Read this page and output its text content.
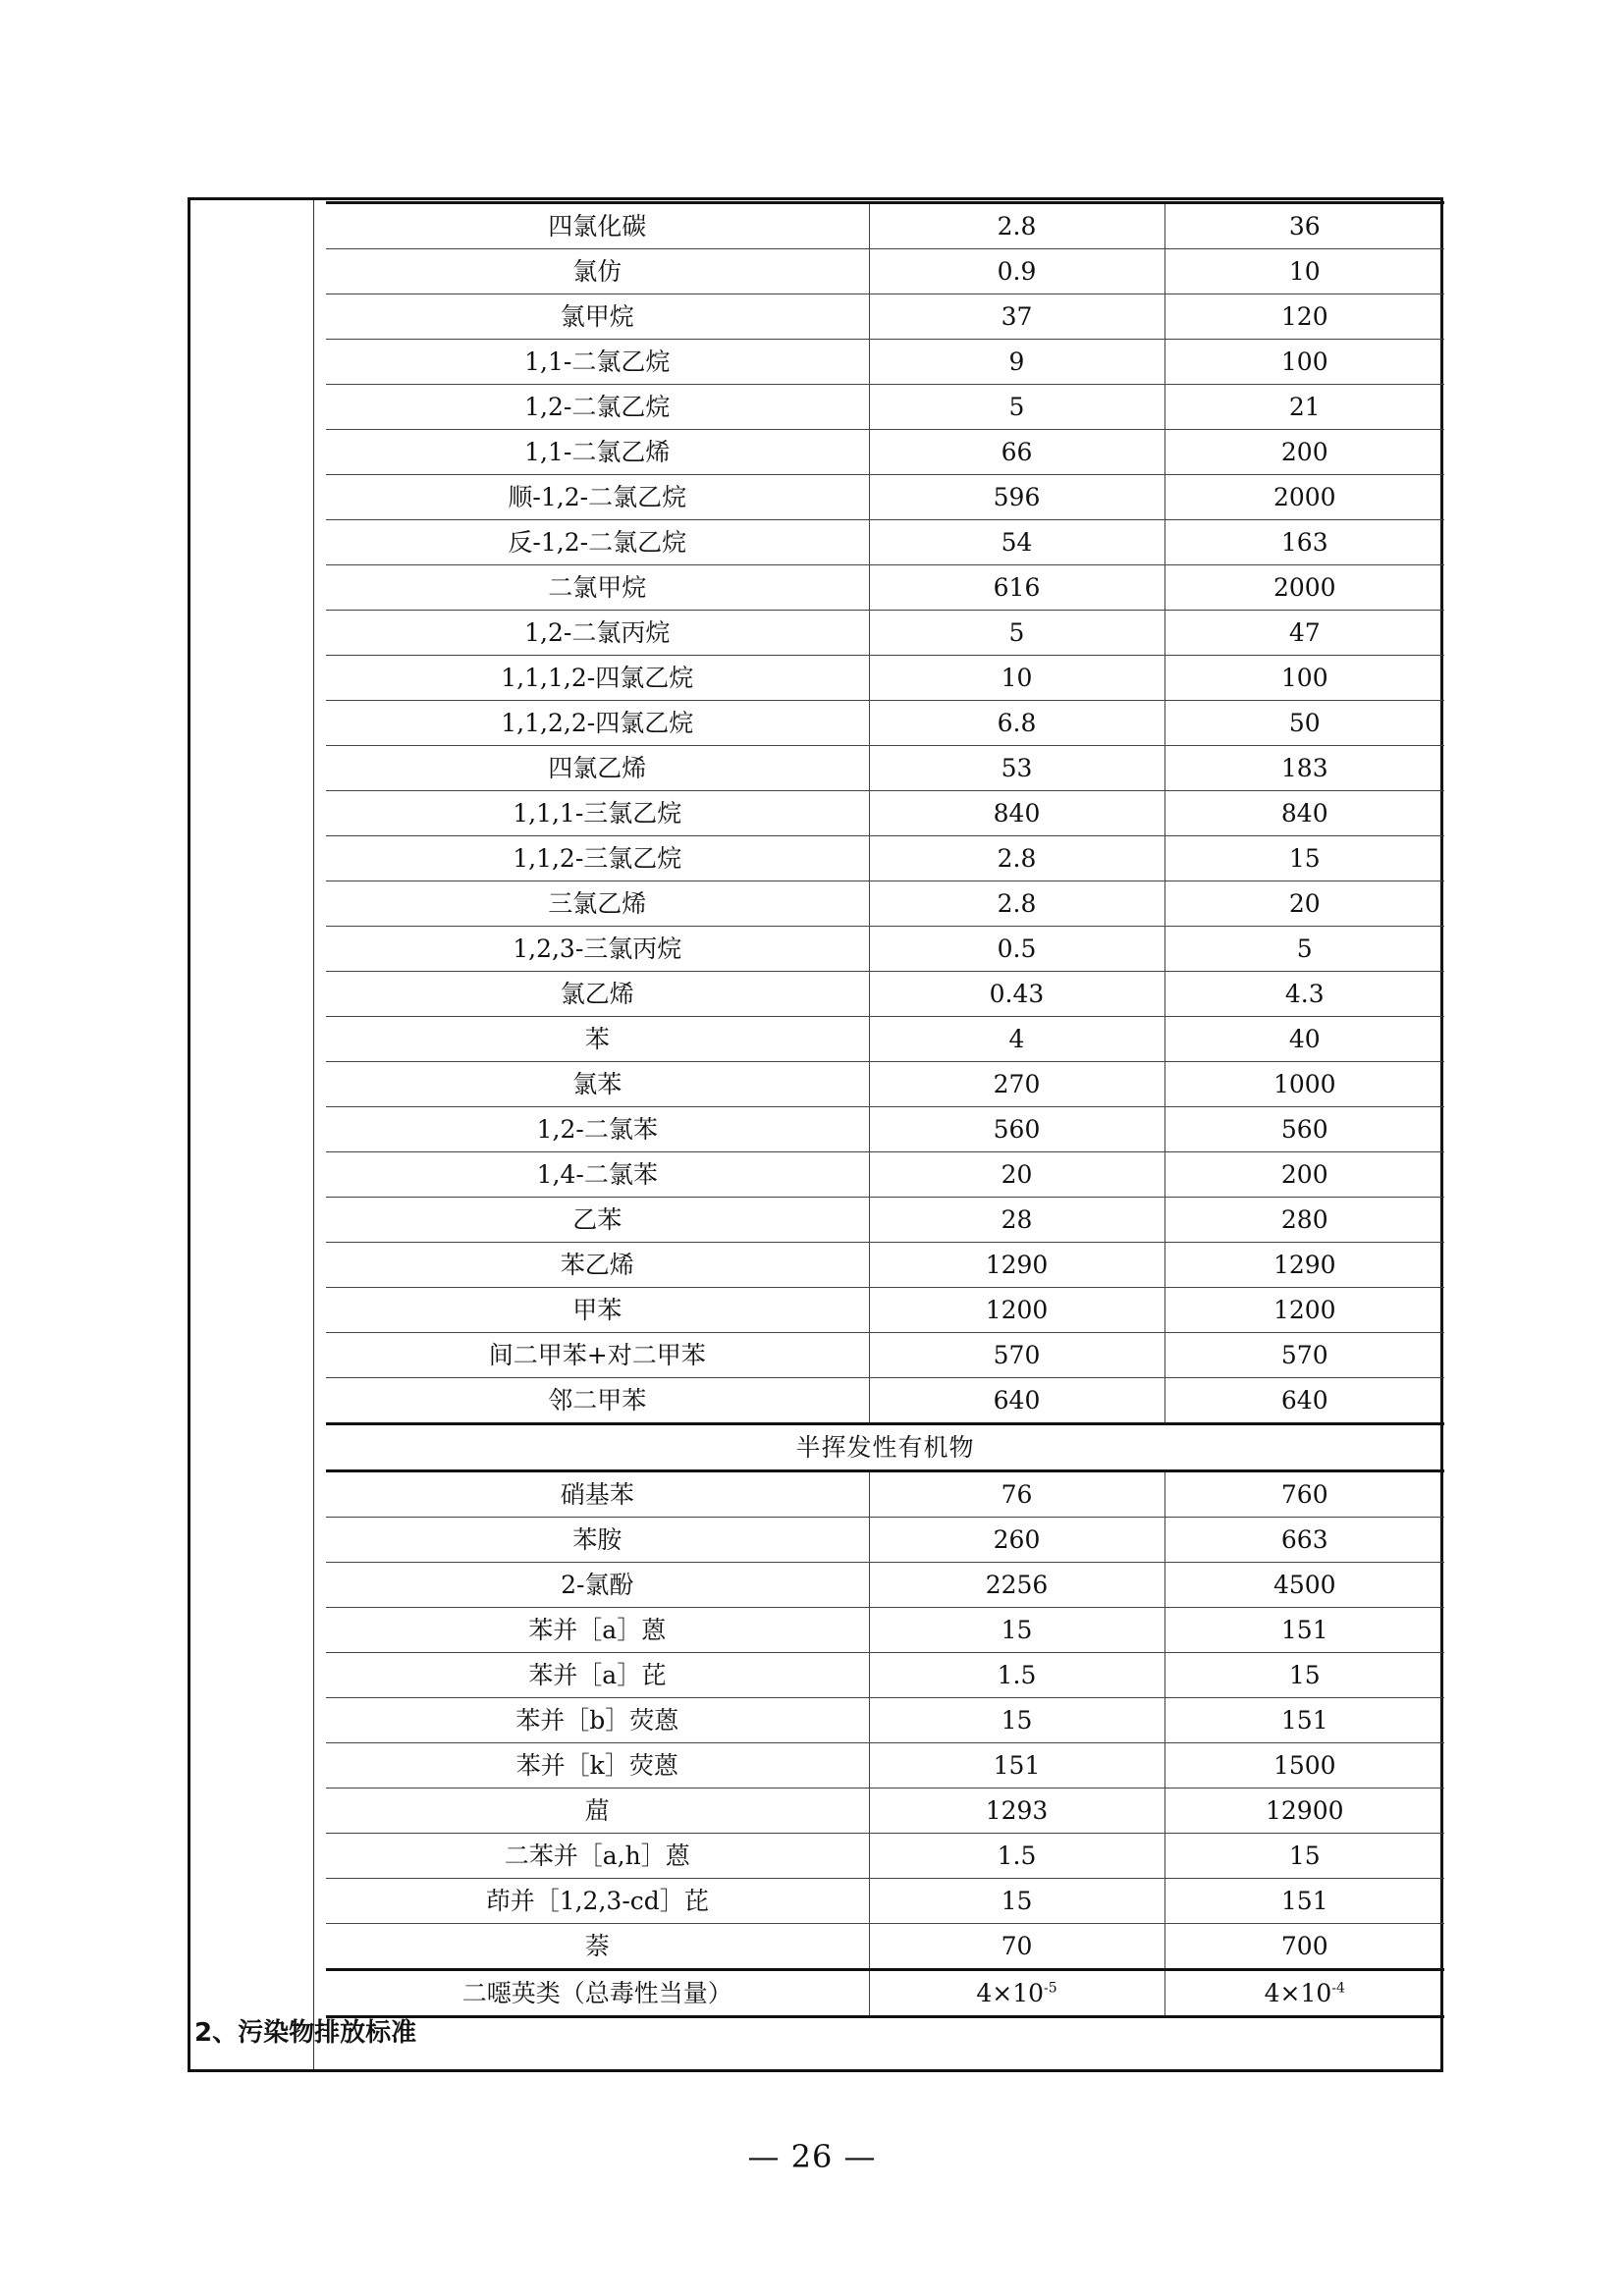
四氯化碳	2.8	36
氯仿	0.9	10
氯甲烷	37	120
1,1-二氯乙烷	9	100
1,2-二氯乙烷	5	21
1,1-二氯乙烯	66	200
顺-1,2-二氯乙烷	596	2000
反-1,2-二氯乙烷	54	163
二氯甲烷	616	2000
1,2-二氯丙烷	5	47
1,1,1,2-四氯乙烷	10	100
1,1,2,2-四氯乙烷	6.8	50
四氯乙烯	53	183
1,1,1-三氯乙烷	840	840
1,1,2-三氯乙烷	2.8	15
三氯乙烯	2.8	20
1,2,3-三氯丙烷	0.5	5
氯乙烯	0.43	4.3
苯	4	40
氯苯	270	1000
1,2-二氯苯	560	560
1,4-二氯苯	20	200
乙苯	28	280
苯乙烯	1290	1290
甲苯	1200	1200
间二甲苯+对二甲苯	570	570
邻二甲苯	640	640
半挥发性有机物		
硝基苯	76	760
苯胺	260	663
2-氯酚	2256	4500
苯并［a］蒽	15	151
苯并［a］芘	1.5	15
苯并［b］荧蒽	15	151
苯并［k］荧蒽	151	1500
䓛	1293	12900
二苯并［a,h］蒽	1.5	15
茚并［1,2,3-cd］芘	15	151
萘	70	700
二噁英类（总毒性当量）	$4\times 10^{-5}$	$4\times 10^{-4}$
2、污染物排放标准
— 26 —
